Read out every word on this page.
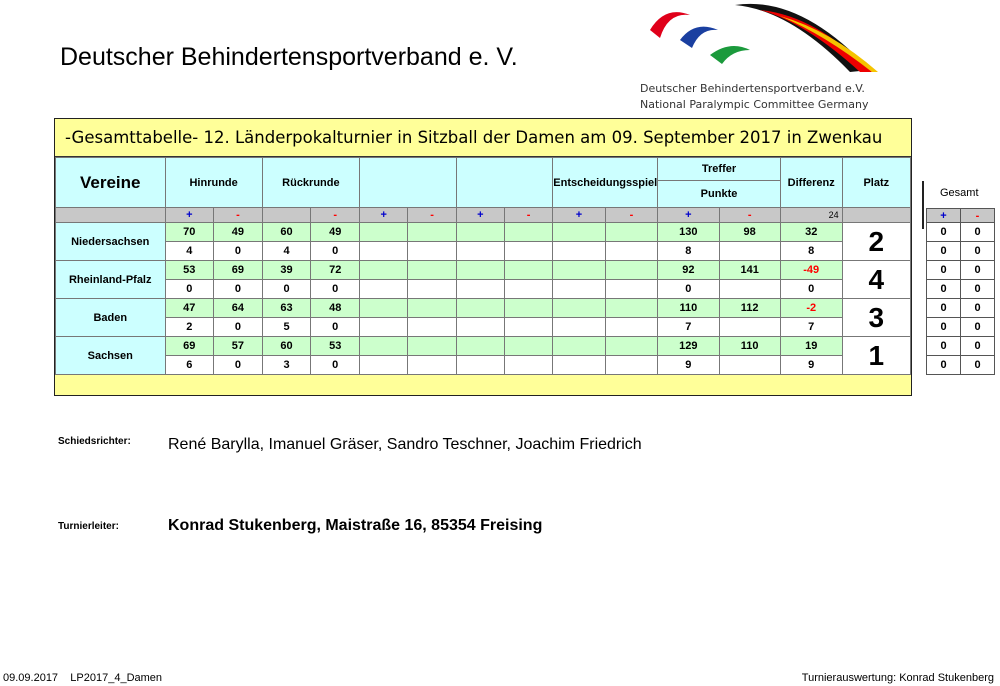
Deutscher Behindertensportverband e. V.
Deutscher Behindertensportverband e.V.
National Paralympic Committee Germany
-Gesamttabelle- 12. Länderpokalturnier in Sitzball der Damen am 09. September 2017 in Zwenkau
Vereine	Hinrunde		Rückrunde						Entscheidungsspiel		Treffer		Differenz	Platz
											Punkte			
	+	-		-	+	-	+	-	+	-	+	-	24	
Niedersachsen	70	49	60	49							130	98	32	2
	4	0	4	0							8		8	
Rheinland-Pfalz	53	69	39	72							92	141	-49	4
	0	0	0	0							0		0	
Baden	47	64	63	48							110	112	-2	3
	2	0	5	0							7		7	
Sachsen	69	57	60	53							129	110	19	1
	6	0	3	0							9		9	
Gesamt
+	-
0	0
0	0
0	0
0	0
0	0
0	0
0	0
0	0
Schiedsrichter: René Barylla, Imanuel Gräser, Sandro Teschner, Joachim Friedrich
Turnierleiter:	Konrad Stukenberg, Maistraße 16, 85354 Freising
09.09.2017 LP2017_4_Damen	Turnierauswertung: Konrad Stukenberg
